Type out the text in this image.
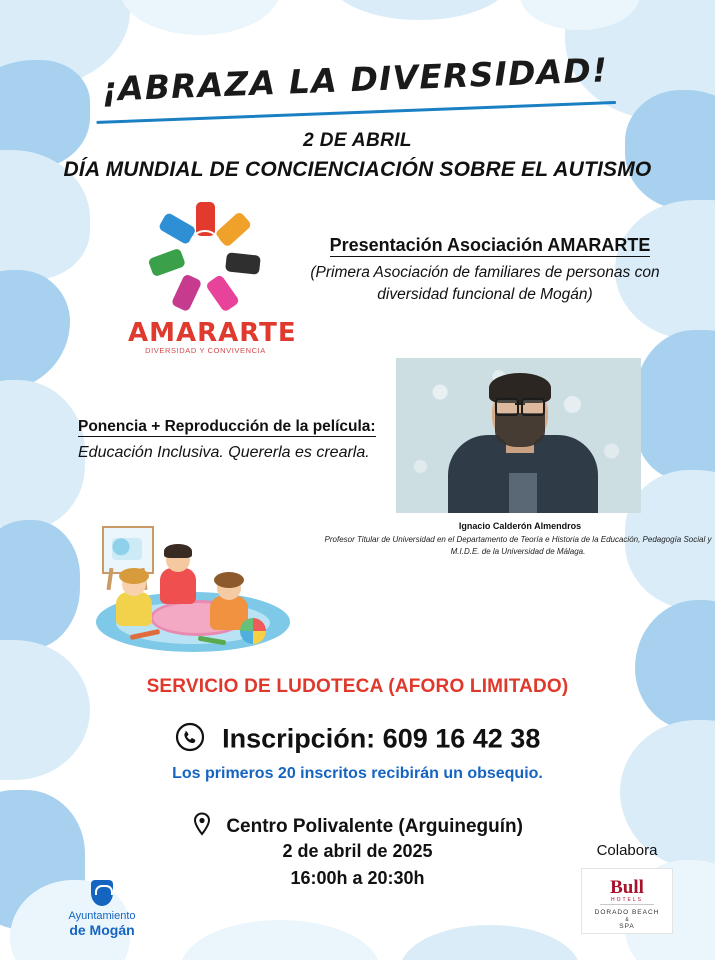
¡ABRAZA LA DIVERSIDAD!
2 DE ABRIL
DÍA MUNDIAL DE CONCIENCIACIÓN SOBRE EL AUTISMO
AMARARTE
DIVERSIDAD Y CONVIVENCIA
Presentación Asociación AMARARTE
(Primera Asociación de familiares de personas con diversidad funcional de Mogán)
Ignacio Calderón Almendros
Profesor Titular de Universidad en el Departamento de Teoría e Historia de la Educación, Pedagogía Social y M.I.D.E. de la Universidad de Málaga.
Ponencia + Reproducción de la película:
Educación Inclusiva. Quererla es crearla.
SERVICIO DE LUDOTECA (AFORO LIMITADO)
Inscripción: 609 16 42 38
Los primeros 20 inscritos recibirán un obsequio.
Centro Polivalente (Arguineguín)
2 de abril de 2025
16:00h a 20:30h
Colabora
Bull
HOTELS
DORADO BEACH
&
SPA
Ayuntamiento
de Mogán
